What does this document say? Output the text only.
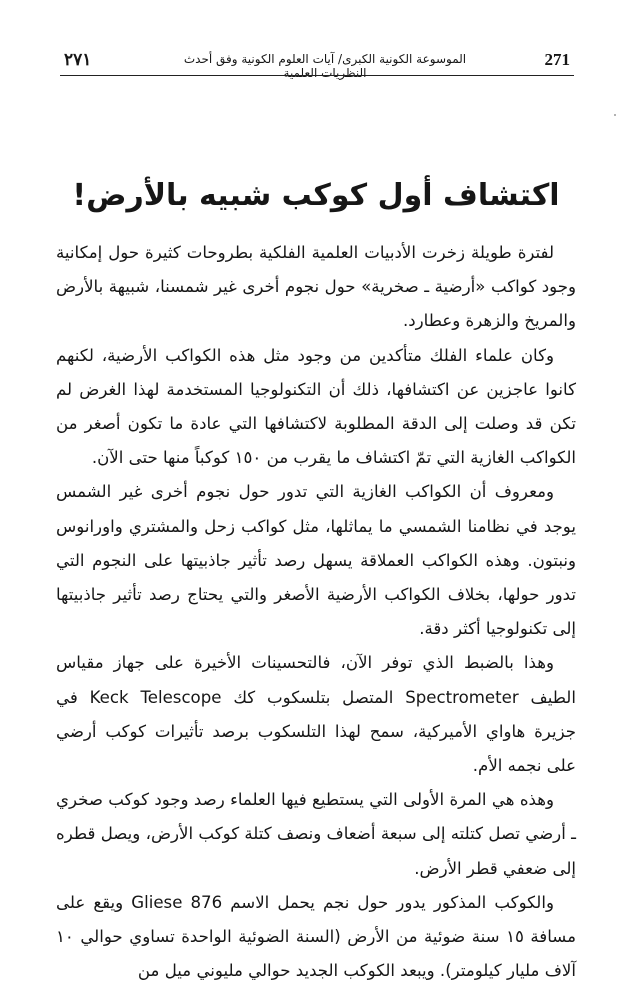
٢٧١	الموسوعة الكونية الكبرى/ آيات العلوم الكونية وفق أحدث النظريات العلمية
271
اكتشاف أول كوكب شبيه بالأرض!

لفترة طويلة زخرت الأدبيات العلمية الفلكية بطروحات كثيرة حول إمكانية وجود كواكب «أرضية ـ صخرية» حول نجوم أخرى غير شمسنا، شبيهة بالأرض والمريخ والزهرة وعطارد.

وكان علماء الفلك متأكدين من وجود مثل هذه الكواكب الأرضية، لكنهم كانوا عاجزين عن اكتشافها، ذلك أن التكنولوجيا المستخدمة لهذا الغرض لم تكن قد وصلت إلى الدقة المطلوبة لاكتشافها التي عادة ما تكون أصغر من الكواكب الغازية التي تمّ اكتشاف ما يقرب من ١٥٠ كوكباً منها حتى الآن.

ومعروف أن الكواكب الغازية التي تدور حول نجوم أخرى غير الشمس يوجد في نظامنا الشمسي ما يماثلها، مثل كواكب زحل والمشتري واورانوس ونبتون. وهذه الكواكب العملاقة يسهل رصد تأثير جاذبيتها على النجوم التي تدور حولها، بخلاف الكواكب الأرضية الأصغر والتي يحتاج رصد تأثير جاذبيتها إلى تكنولوجيا أكثر دقة.

وهذا بالضبط الذي توفر الآن، فالتحسينات الأخيرة على جهاز مقياس الطيف Spectrometer المتصل بتلسكوب كك Keck Telescope في جزيرة هاواي الأميركية، سمح لهذا التلسكوب برصد تأثيرات كوكب أرضي على نجمه الأم.

وهذه هي المرة الأولى التي يستطيع فيها العلماء رصد وجود كوكب صخري ـ أرضي تصل كتلته إلى سبعة أضعاف ونصف كتلة كوكب الأرض، ويصل قطره إلى ضعفي قطر الأرض.

والكوكب المذكور يدور حول نجم يحمل الاسم Gliese 876 ويقع على مسافة ١٥ سنة ضوئية من الأرض (السنة الضوئية الواحدة تساوي حوالي ١٠ آلاف مليار كيلومتر). ويبعد الكوكب الجديد حوالي مليوني ميل من
